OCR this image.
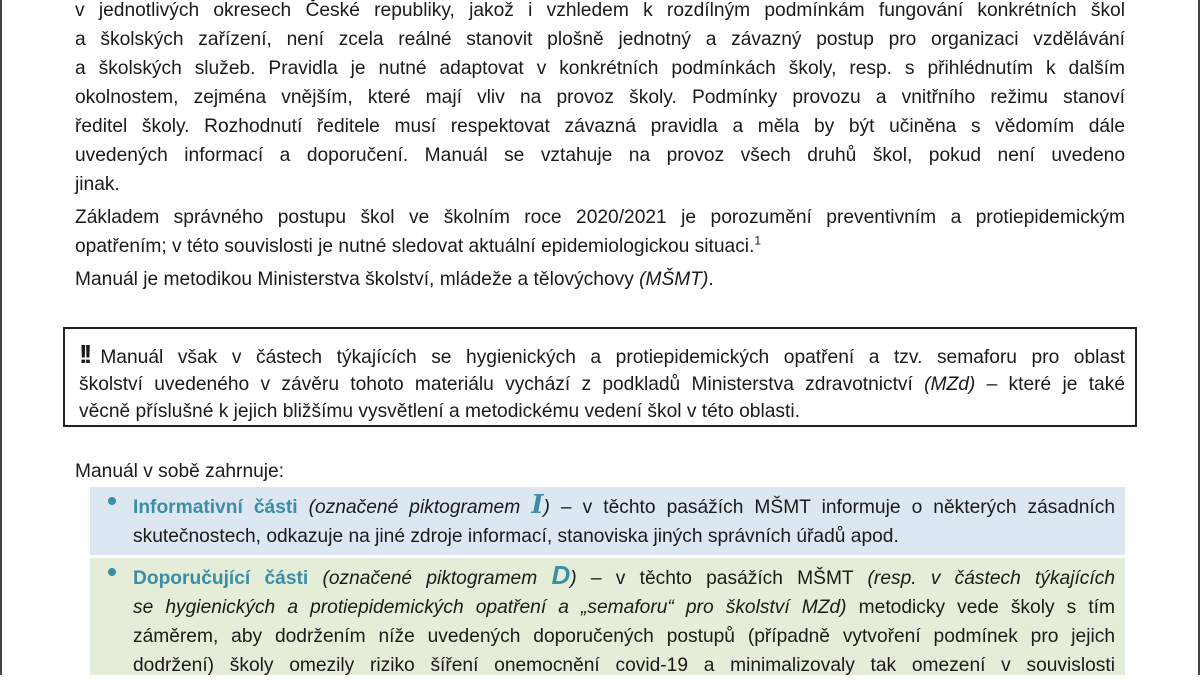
v jednotlivých okresech České republiky, jakož i vzhledem k rozdílným podmínkám fungování konkrétních škol

a školských zařízení, není zcela reálné stanovit plošně jednotný a závazný postup pro organizaci vzdělávání

a školských služeb. Pravidla je nutné adaptovat v konkrétních podmínkách školy, resp. s přihlédnutím k dalším

okolnostem, zejména vnějším, které mají vliv na provoz školy. Podmínky provozu a vnitřního režimu stanoví

ředitel školy. Rozhodnutí ředitele musí respektovat závazná pravidla a měla by být učiněna s vědomím dále

uvedených informací a doporučení. Manuál se vztahuje na provoz všech druhů škol, pokud není uvedeno

jinak.

Základem správného postupu škol ve školním roce 2020/2021 je porozumění preventivním a protiepidemickým

opatřením; v této souvislosti je nutné sledovat aktuální epidemiologickou situaci.$^1$

Manuál je metodikou Ministerstva školství, mládeže a tělovýchovy (MŠMT).

!! Manuál však v částech týkajících se hygienických a protiepidemických opatření a tzv. semaforu pro oblast

školství uvedeného v závěru tohoto materiálu vychází z podkladů Ministerstva zdravotnictví (MZd) – které je také

věcně příslušné k jejich bližšímu vysvětlení a metodickému vedení škol v této oblasti.

Manuál v sobě zahrnuje:

Informativní části (označené piktogramem I) – v těchto pasážích MŠMT informuje o některých zásadních

skutečnostech, odkazuje na jiné zdroje informací, stanoviska jiných správních úřadů apod.

Doporučující části (označené piktogramem D) – v těchto pasážích MŠMT (resp. v částech týkajících

se hygienických a protiepidemických opatření a „semaforu“ pro školství MZd) metodicky vede školy s tím

záměrem, aby dodržením níže uvedených doporučených postupů (případně vytvoření podmínek pro jejich

dodržení) školy omezily riziko šíření onemocnění covid-19 a minimalizovaly tak omezení v souvislosti
